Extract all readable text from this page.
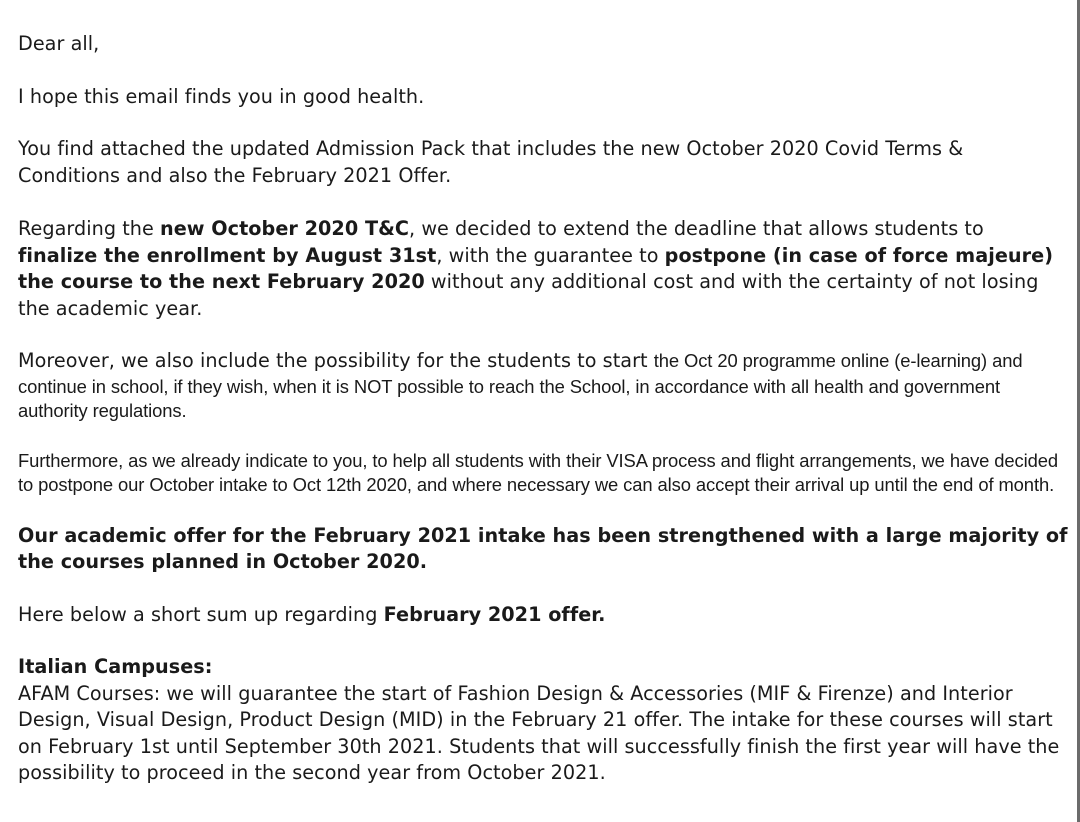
Dear all,

I hope this email finds you in good health.

You find attached the updated Admission Pack that includes the new October 2020 Covid Terms & Conditions and also the February 2021 Offer.

Regarding the new October 2020 T&C, we decided to extend the deadline that allows students to finalize the enrollment by August 31st, with the guarantee to postpone (in case of force majeure) the course to the next February 2020 without any additional cost and with the certainty of not losing the academic year.

Moreover, we also include the possibility for the students to start the Oct 20 programme online (e-learning) and continue in school, if they wish, when it is NOT possible to reach the School, in accordance with all health and government authority regulations.

Furthermore, as we already indicate to you, to help all students with their VISA process and flight arrangements, we have decided to postpone our October intake to Oct 12th 2020, and where necessary we can also accept their arrival up until the end of month.

Our academic offer for the February 2021 intake has been strengthened with a large majority of the courses planned in October 2020.

Here below a short sum up regarding February 2021 offer.

Italian Campuses:

AFAM Courses: we will guarantee the start of Fashion Design & Accessories (MIF & Firenze) and Interior Design, Visual Design, Product Design (MID) in the February 21 offer. The intake for these courses will start on February 1st until September 30th 2021. Students that will successfully finish the first year will have the possibility to proceed in the second year from October 2021.
